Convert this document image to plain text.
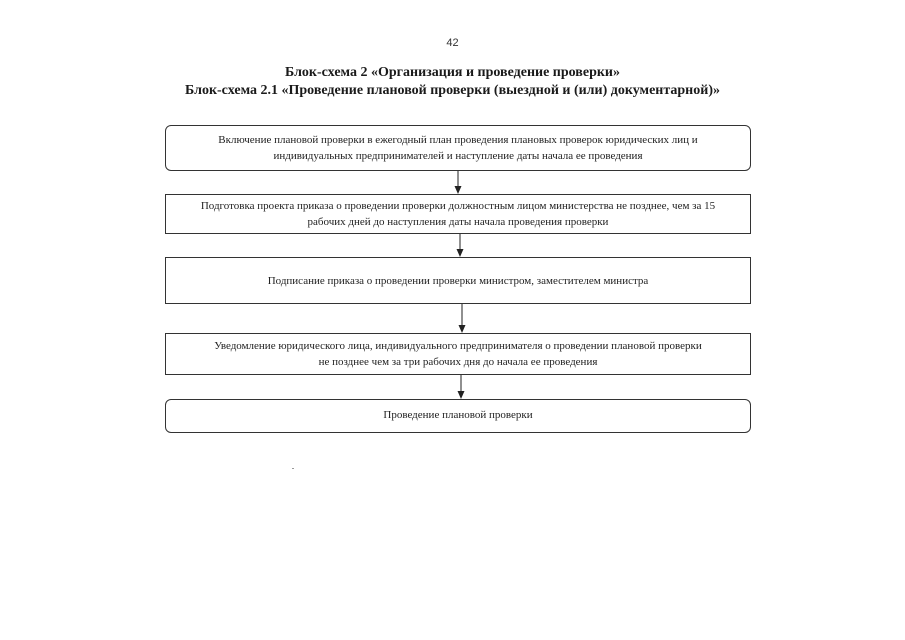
42
Блок-схема 2 «Организация и проведение проверки»
Блок-схема 2.1 «Проведение плановой проверки (выездной и (или) документарной)»
Включение плановой проверки в ежегодный план проведения плановых проверок юридических лиц и
индивидуальных предпринимателей и наступление даты начала ее проведения
Подготовка проекта приказа о проведении проверки должностным лицом министерства не позднее, чем за 15
рабочих дней до наступления даты начала проведения проверки
Подписание приказа о проведении проверки министром, заместителем министра
Уведомление юридического лица, индивидуального предпринимателя о проведении плановой проверки
не позднее чем за три рабочих дня до начала ее проведения
Проведение плановой проверки
